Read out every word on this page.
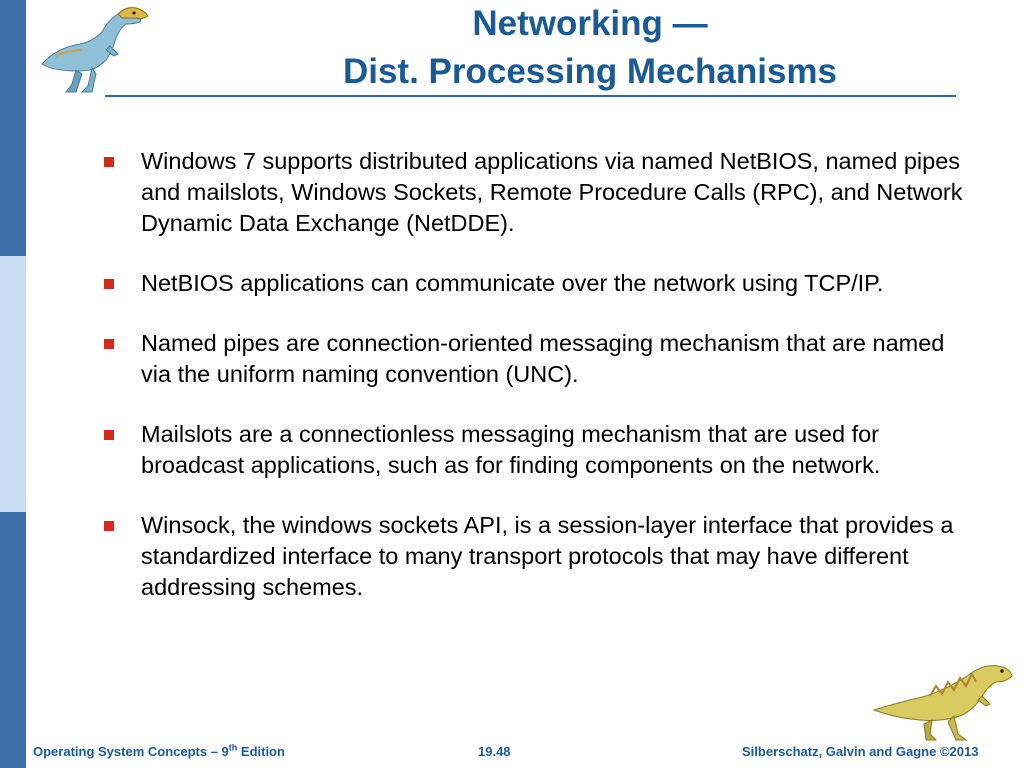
Networking —
Dist. Processing Mechanisms
Windows 7 supports distributed applications via named NetBIOS, named pipes and mailslots, Windows Sockets, Remote Procedure Calls (RPC), and Network Dynamic Data Exchange (NetDDE).
NetBIOS applications can communicate over the network using TCP/IP.
Named pipes are connection-oriented messaging mechanism that are named via the uniform naming convention (UNC).
Mailslots are a connectionless messaging mechanism that are used for broadcast applications, such as for finding components on the network.
Winsock, the windows sockets API, is a session-layer interface that provides a standardized interface to many transport protocols that may have different addressing schemes.
Operating System Concepts – 9th Edition	19.48	Silberschatz, Galvin and Gagne ©2013
